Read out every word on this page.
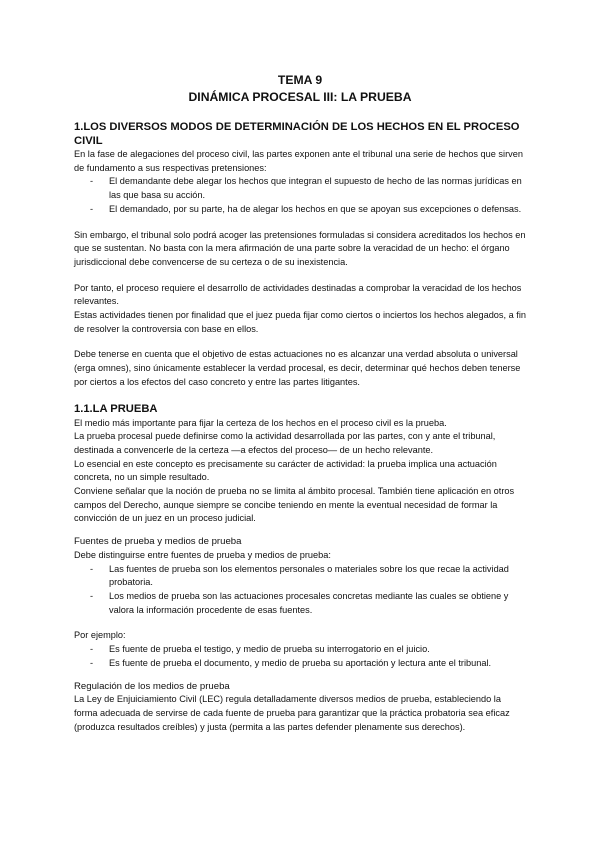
TEMA 9
DINÁMICA PROCESAL III: LA PRUEBA
1.LOS DIVERSOS MODOS DE DETERMINACIÓN DE LOS HECHOS EN EL PROCESO CIVIL

En la fase de alegaciones del proceso civil, las partes exponen ante el tribunal una serie de hechos que sirven de fundamento a sus respectivas pretensiones:

- El demandante debe alegar los hechos que integran el supuesto de hecho de las normas jurídicas en las que basa su acción.
- El demandado, por su parte, ha de alegar los hechos en que se apoyan sus excepciones o defensas.

Sin embargo, el tribunal solo podrá acoger las pretensiones formuladas si considera acreditados los hechos en que se sustentan. No basta con la mera afirmación de una parte sobre la veracidad de un hecho: el órgano jurisdiccional debe convencerse de su certeza o de su inexistencia.

Por tanto, el proceso requiere el desarrollo de actividades destinadas a comprobar la veracidad de los hechos relevantes.

Estas actividades tienen por finalidad que el juez pueda fijar como ciertos o inciertos los hechos alegados, a fin de resolver la controversia con base en ellos.

Debe tenerse en cuenta que el objetivo de estas actuaciones no es alcanzar una verdad absoluta o universal (erga omnes), sino únicamente establecer la verdad procesal, es decir, determinar qué hechos deben tenerse por ciertos a los efectos del caso concreto y entre las partes litigantes.

1.1.LA PRUEBA

El medio más importante para fijar la certeza de los hechos en el proceso civil es la prueba.

La prueba procesal puede definirse como la actividad desarrollada por las partes, con y ante el tribunal, destinada a convencerle de la certeza —a efectos del proceso— de un hecho relevante.

Lo esencial en este concepto es precisamente su carácter de actividad: la prueba implica una actuación concreta, no un simple resultado.

Conviene señalar que la noción de prueba no se limita al ámbito procesal. También tiene aplicación en otros campos del Derecho, aunque siempre se concibe teniendo en mente la eventual necesidad de formar la convicción de un juez en un proceso judicial.

Fuentes de prueba y medios de prueba

Debe distinguirse entre fuentes de prueba y medios de prueba:

- Las fuentes de prueba son los elementos personales o materiales sobre los que recae la actividad probatoria.
- Los medios de prueba son las actuaciones procesales concretas mediante las cuales se obtiene y valora la información procedente de esas fuentes.

Por ejemplo:

- Es fuente de prueba el testigo, y medio de prueba su interrogatorio en el juicio.
- Es fuente de prueba el documento, y medio de prueba su aportación y lectura ante el tribunal.
Regulación de los medios de prueba

La Ley de Enjuiciamiento Civil (LEC) regula detalladamente diversos medios de prueba, estableciendo la forma adecuada de servirse de cada fuente de prueba para garantizar que la práctica probatoria sea eficaz (produzca resultados creíbles) y justa (permita a las partes defender plenamente sus derechos).
